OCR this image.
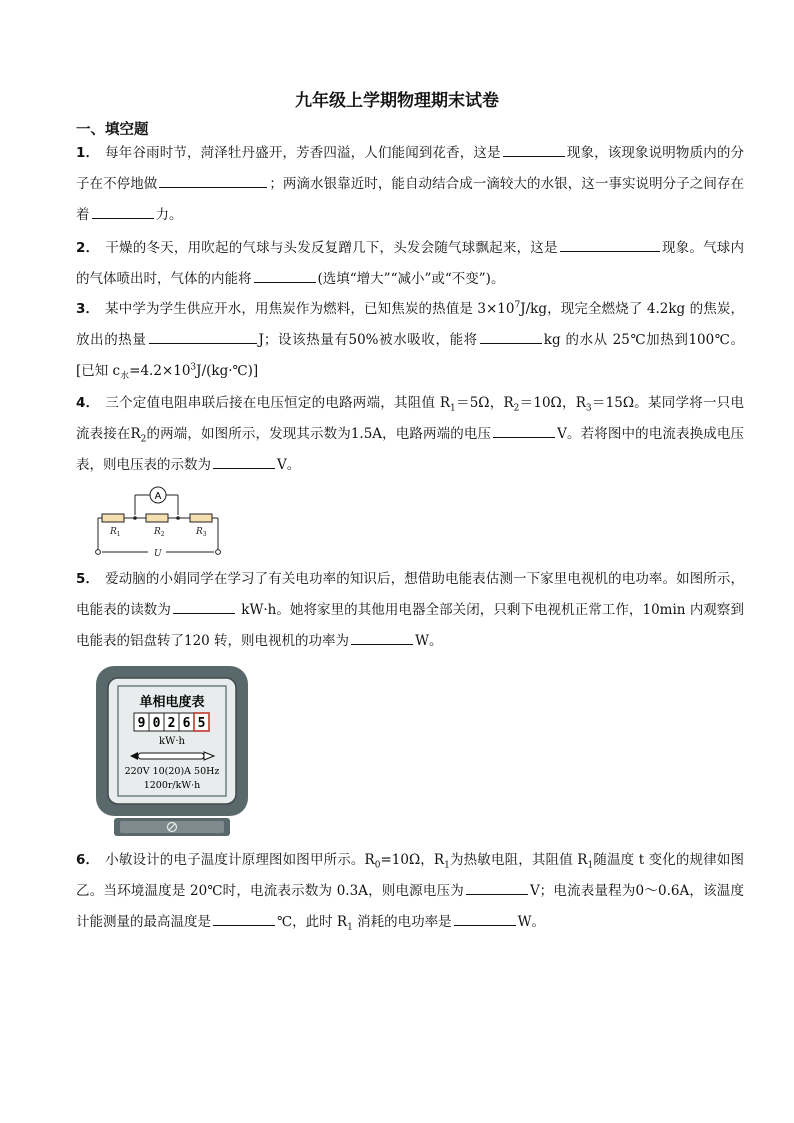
九年级上学期物理期末试卷
一、填空题
1． 每年谷雨时节，菏泽牡丹盛开，芳香四溢，人们能闻到花香，这是	现象，该现象说明物质内的分子在不停地做	；两滴水银靠近时，能自动结合成一滴较大的水银，这一事实说明分子之间存在着	力。
2． 干燥的冬天，用吹起的气球与头发反复蹭几下，头发会随气球飘起来，这是	现象。气球内的气体喷出时，气体的内能将	(选填“增大”“减小”或“不变”)。
3． 某中学为学生供应开水，用焦炭作为燃料，已知焦炭的热值是 $3\times 10^7J/kg$，现完全燃烧了 4.2kg 的焦炭，放出的热量	J；设该热量有50%被水吸收，能将	kg 的水从 25℃加热到100℃。[已知 $c_水=4.2\times 10^3J/(kg\cdot℃)$]
4． 三个定值电阻串联后接在电压恒定的电路两端，其阻值 $R_1=5\Omega$，$R_2=10\Omega$，$R_3=15\Omega$。某同学将一只电流表接在$R_2$的两端，如图所示，发现其示数为1.5A，电路两端的电压	V。若将图中的电流表换成电压表，则电压表的示数为	V。
A
$R_1$	$R_2$	$R_3$
U
5． 爱动脑的小娟同学在学习了有关电功率的知识后，想借助电能表估测一下家里电视机的电功率。如图所示，电能表的读数为	kW·h。她将家里的其他用电器全部关闭，只剩下电视机正常工作，10min 内观察到电能表的铝盘转了120 转，则电视机的功率为	W。
单相电度表
9 0 2 6 5
kW·h
220V 10(20)A 50Hz
1200r/kW·h
6． 小敏设计的电子温度计原理图如图甲所示。$R_0=10\Omega$，$R_1$为热敏电阻，其阻值 $R_1$随温度 t 变化的规律如图乙。当环境温度是 20℃时，电流表示数为 0.3A，则电源电压为	V；电流表量程为0～0.6A，该温度计能测量的最高温度是	℃，此时 $R_1$ 消耗的电功率是	W。
